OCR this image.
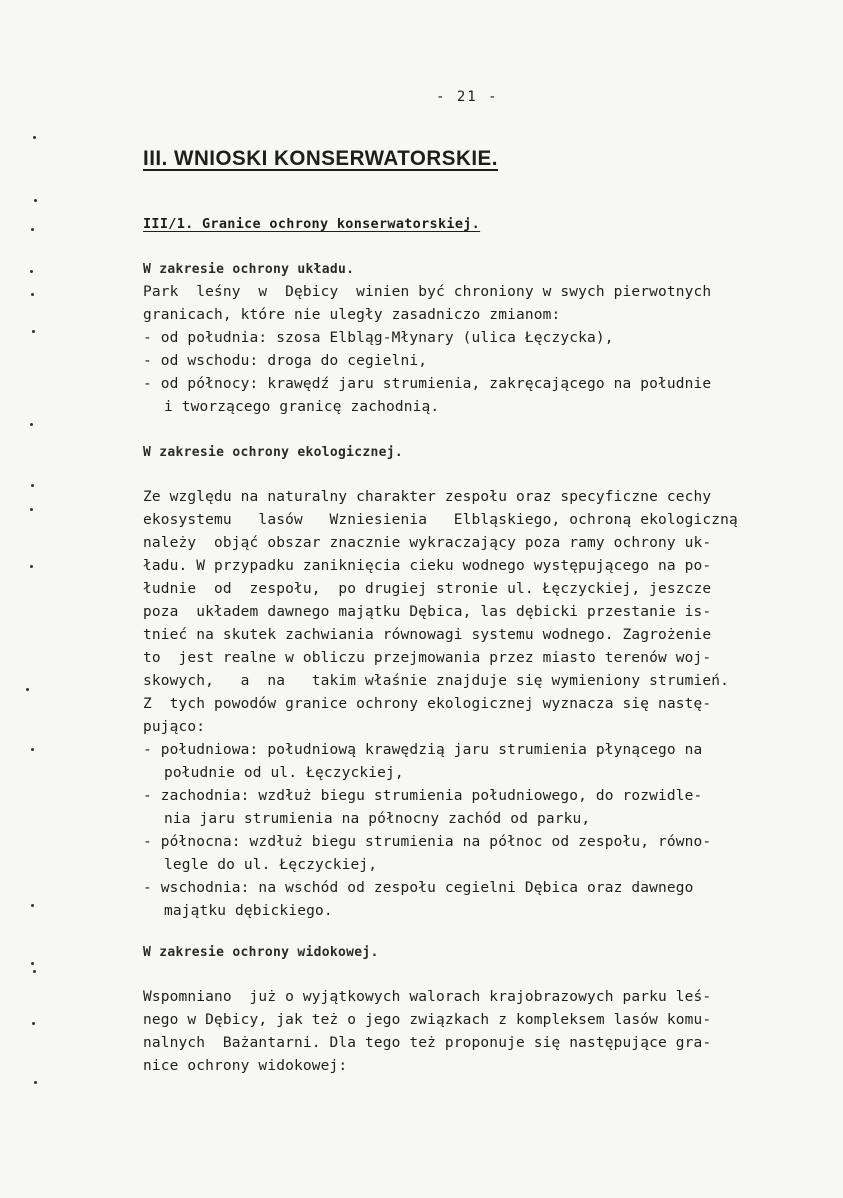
- 21 -
III. WNIOSKI KONSERWATORSKIE.
III/1. Granice ochrony konserwatorskiej.
W zakresie ochrony układu.
Park  leśny  w  Dębicy  winien być chroniony w swych pierwotnych
granicach, które nie uległy zasadniczo zmianom:
- od południa: szosa Elbląg-Młynary (ulica Łęczycka),
- od wschodu: droga do cegielni,
- od północy: krawędź jaru strumienia, zakręcającego na południe
i tworzącego granicę zachodnią.
W zakresie ochrony ekologicznej.
Ze względu na naturalny charakter zespołu oraz specyficzne cechy
ekosystemu   lasów   Wzniesienia   Elbląskiego, ochroną ekologiczną
należy  objąć obszar znacznie wykraczający poza ramy ochrony uk-
ładu. W przypadku zaniknięcia cieku wodnego występującego na po-
łudnie  od  zespołu,  po drugiej stronie ul. Łęczyckiej, jeszcze
poza  układem dawnego majątku Dębica, las dębicki przestanie is-
tnieć na skutek zachwiania równowagi systemu wodnego. Zagrożenie
to  jest realne w obliczu przejmowania przez miasto terenów woj-
skowych,   a  na   takim właśnie znajduje się wymieniony strumień.
Z  tych powodów granice ochrony ekologicznej wyznacza się nastę-
pująco:
- południowa: południową krawędzią jaru strumienia płynącego na
południe od ul. Łęczyckiej,
- zachodnia: wzdłuż biegu strumienia południowego, do rozwidle-
nia jaru strumienia na północny zachód od parku,
- północna: wzdłuż biegu strumienia na północ od zespołu, równo-
legle do ul. Łęczyckiej,
- wschodnia: na wschód od zespołu cegielni Dębica oraz dawnego
majątku dębickiego.
W zakresie ochrony widokowej.
Wspomniano  już o wyjątkowych walorach krajobrazowych parku leś-
nego w Dębicy, jak też o jego związkach z kompleksem lasów komu-
nalnych  Bażantarni. Dla tego też proponuje się następujące gra-
nice ochrony widokowej:
